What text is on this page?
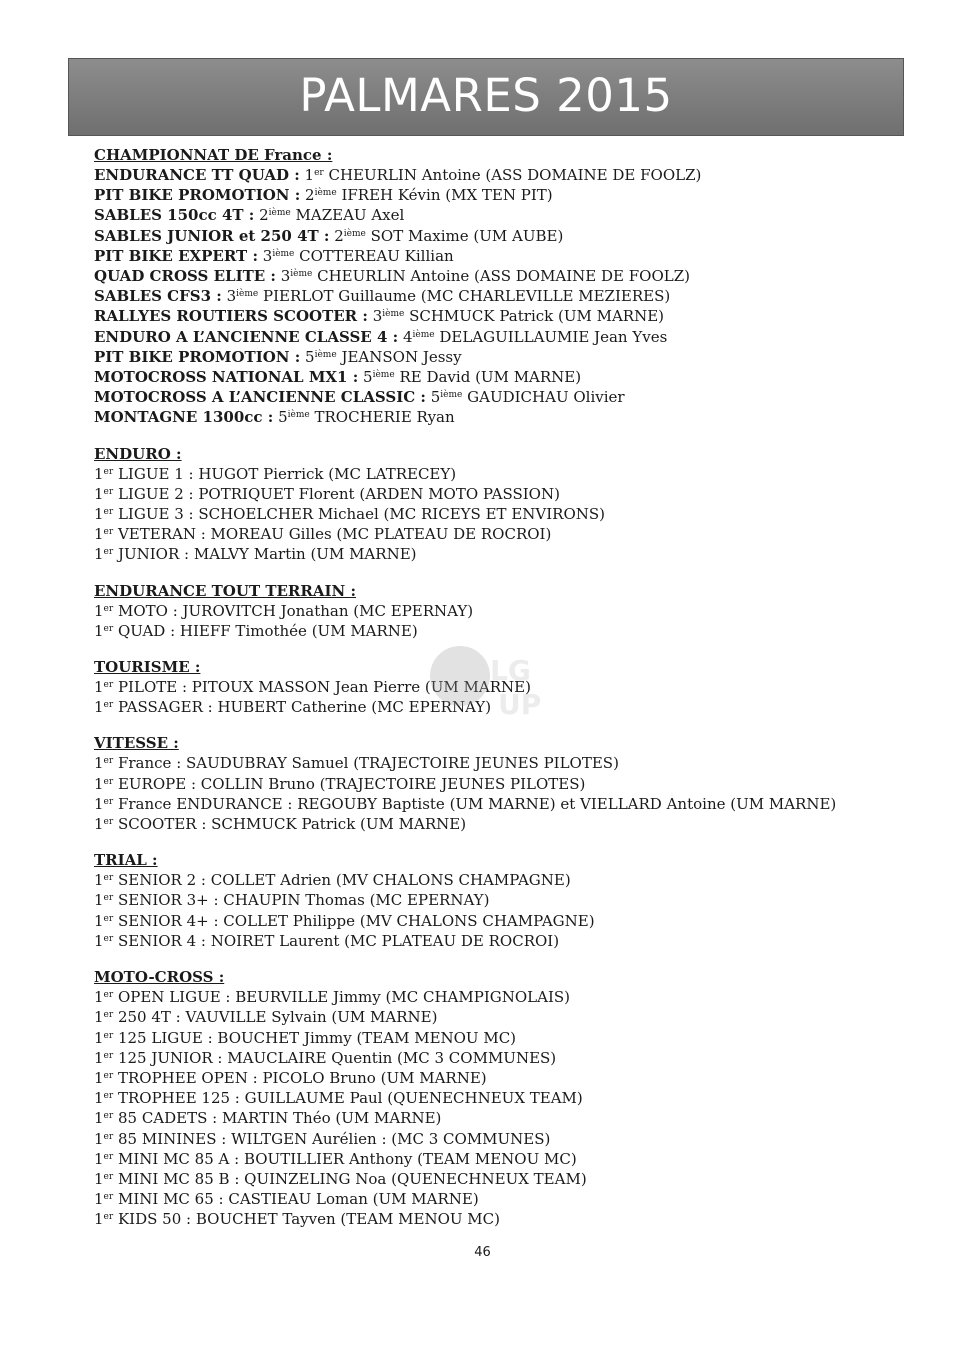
PALMARES 2015

CHAMPIONNAT DE France :

ENDURANCE TT QUAD : 1er CHEURLIN Antoine (ASS DOMAINE DE FOOLZ)

PIT BIKE PROMOTION : 2ième IFREH Kévin (MX TEN PIT)

SABLES 150cc 4T : 2ième MAZEAU Axel

SABLES JUNIOR et 250 4T : 2ième SOT Maxime (UM AUBE)

PIT BIKE EXPERT : 3ième COTTEREAU Killian

QUAD CROSS ELITE : 3ième CHEURLIN Antoine (ASS DOMAINE DE FOOLZ)

SABLES CFS3 : 3ième PIERLOT Guillaume (MC CHARLEVILLE MEZIERES)

RALLYES ROUTIERS SCOOTER : 3ième SCHMUCK Patrick (UM MARNE)

ENDURO A L’ANCIENNE CLASSE 4 : 4ième DELAGUILLAUMIE Jean Yves

PIT BIKE PROMOTION : 5ième JEANSON Jessy

MOTOCROSS NATIONAL MX1 : 5ième RE David (UM MARNE)

MOTOCROSS A L’ANCIENNE CLASSIC : 5ième GAUDICHAU Olivier

MONTAGNE 1300cc : 5ième TROCHERIE Ryan

ENDURO :

1er LIGUE 1 : HUGOT Pierrick (MC LATRECEY)

1er LIGUE 2 : POTRIQUET Florent (ARDEN MOTO PASSION)

1er LIGUE 3 : SCHOELCHER Michael (MC RICEYS ET ENVIRONS)

1er VETERAN : MOREAU Gilles (MC PLATEAU DE ROCROI)

1er JUNIOR : MALVY Martin (UM MARNE)

ENDURANCE TOUT TERRAIN :

1er MOTO : JUROVITCH Jonathan (MC EPERNAY)

1er QUAD : HIEFF Timothée (UM MARNE)

TOURISME :

1er PILOTE : PITOUX MASSON Jean Pierre (UM MARNE)

1er PASSAGER : HUBERT Catherine (MC EPERNAY)

VITESSE :

1er France : SAUDUBRAY Samuel (TRAJECTOIRE JEUNES PILOTES)

1er EUROPE : COLLIN Bruno (TRAJECTOIRE JEUNES PILOTES)

1er France ENDURANCE : REGOUBY Baptiste (UM MARNE) et VIELLARD Antoine (UM MARNE)

1er SCOOTER : SCHMUCK Patrick (UM MARNE)

TRIAL :

1er SENIOR 2 : COLLET Adrien (MV CHALONS CHAMPAGNE)

1er SENIOR 3+ : CHAUPIN Thomas (MC EPERNAY)

1er SENIOR 4+ : COLLET Philippe (MV CHALONS CHAMPAGNE)

1er SENIOR 4 : NOIRET Laurent (MC PLATEAU DE ROCROI)

MOTO-CROSS :

1er OPEN LIGUE : BEURVILLE Jimmy (MC CHAMPIGNOLAIS)

1er 250 4T : VAUVILLE Sylvain (UM MARNE)

1er 125 LIGUE : BOUCHET Jimmy (TEAM MENOU MC)

1er 125 JUNIOR : MAUCLAIRE Quentin (MC 3 COMMUNES)

1er TROPHEE OPEN : PICOLO Bruno (UM MARNE)

1er TROPHEE 125 : GUILLAUME Paul (QUENECHNEUX TEAM)

1er 85 CADETS : MARTIN Théo (UM MARNE)

1er 85 MININES : WILTGEN Aurélien : (MC 3 COMMUNES)

1er MINI MC 85 A : BOUTILLIER Anthony (TEAM MENOU MC)

1er MINI MC 85 B : QUINZELING Noa (QUENECHNEUX TEAM)

1er MINI MC 65 : CASTIEAU Loman (UM MARNE)

1er KIDS 50 : BOUCHET Tayven (TEAM MENOU MC)

LG
UP
46
